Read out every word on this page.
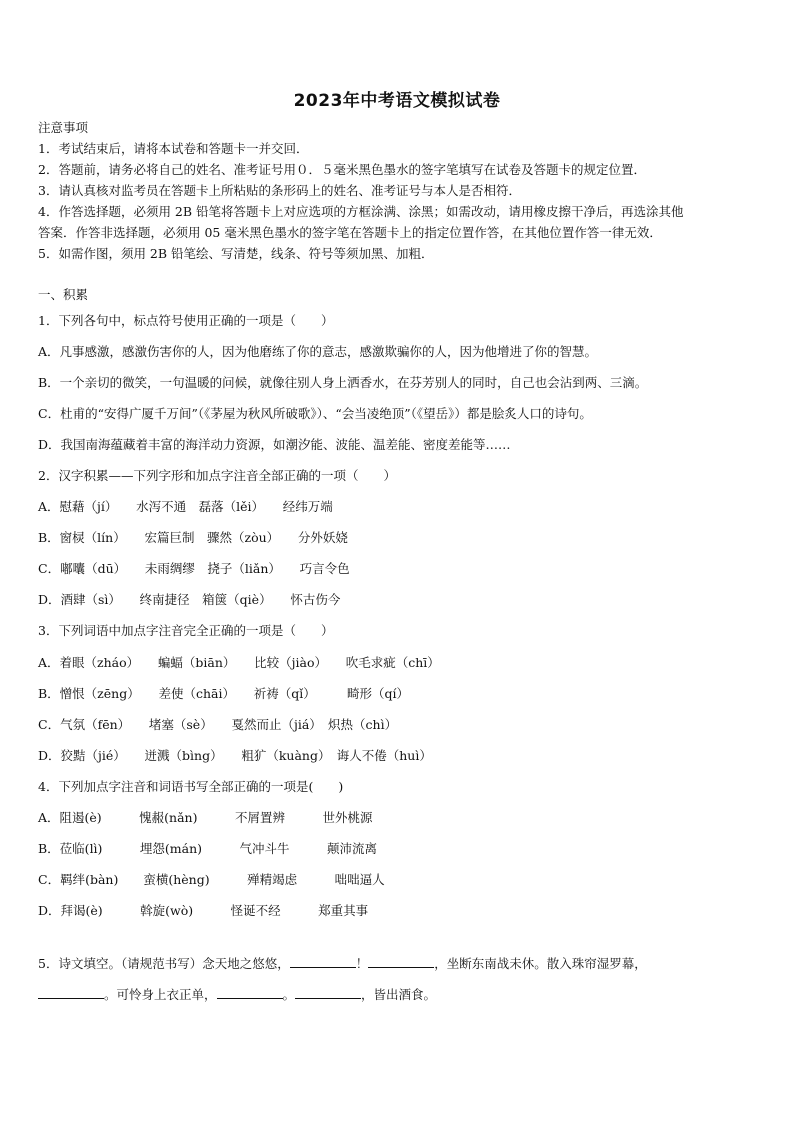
2023年中考语文模拟试卷
注意事项
1．考试结束后，请将本试卷和答题卡一并交回．
2．答题前，请务必将自己的姓名、准考证号用０．５毫米黑色墨水的签字笔填写在试卷及答题卡的规定位置．
3．请认真核对监考员在答题卡上所粘贴的条形码上的姓名、准考证号与本人是否相符．
4．作答选择题，必须用 2B 铅笔将答题卡上对应选项的方框涂满、涂黑；如需改动，请用橡皮擦干净后，再选涂其他
答案．作答非选择题，必须用 05 毫米黑色墨水的签字笔在答题卡上的指定位置作答，在其他位置作答一律无效．
5．如需作图，须用 2B 铅笔绘、写清楚，线条、符号等须加黑、加粗．
一、积累
1．下列各句中，标点符号使用正确的一项是（　　）
A．凡事感激，感激伤害你的人，因为他磨练了你的意志，感激欺骗你的人，因为他增进了你的智慧。
B．一个亲切的微笑，一句温暖的问候，就像往别人身上洒香水，在芬芳别人的同时，自己也会沾到两、三滴。
C．杜甫的“安得广厦千万间”（《茅屋为秋风所破歌》）、“会当凌绝顶”（《望岳》）都是脍炙人口的诗句。
D．我国南海蕴藏着丰富的海洋动力资源，如潮汐能、波能、温差能、密度差能等……
2．汉字积累——下列字形和加点字注音全部正确的一项（　　）
A．慰藉（jí）　　水泻不通　磊落（lěi）　　经纬万端
B．窗棂（lín）　　宏篇巨制　骤然（zòu）　　分外妖娆
C．嘟囔（dū）　　未雨绸缪　挠子（liǎn）　　巧言令色
D．酒肆（sì）　　终南捷径　箱箧（qiè）　　怀古伤今
3．下列词语中加点字注音完全正确的一项是（　　）
A．着眼（zháo）　　蝙蝠（biān）　　比较（jiào）　　吹毛求疵（chī）
B．憎恨（zēng）　　差使（chāi）　　祈祷（qǐ）　　　畸形（qí）
C．气氛（fēn）　　堵塞（sè）　　戛然而止（jiá）　炽热（chì）
D．狡黠（jié）　　迸溅（bìng）　　粗犷（kuàng）　诲人不倦（huì）
4．下列加点字注音和词语书写全部正确的一项是(　　)
A．阻遏(è)　　　愧赧(nǎn)　　　不屑置辨　　　世外桃源
B．莅临(lì)　　　埋怨(mán)　　　气冲斗牛　　　颠沛流离
C．羁绊(bàn)　　蛮横(hèng)　　　殚精竭虑　　　咄咄逼人
D．拜谒(è)　　　斡旋(wò)　　　怪诞不经　　　郑重其事
5．诗文填空。（请规范书写）念天地之悠悠，	！	，坐断东南战未休。散入珠帘湿罗幕，
。可怜身上衣正单，	。	，皆出酒食。
